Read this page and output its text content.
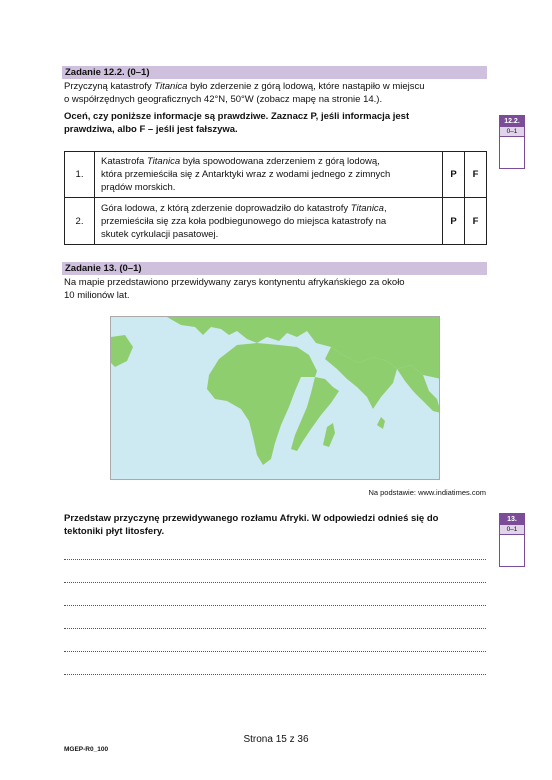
Zadanie 12.2. (0–1)
Przyczyną katastrofy Titanica było zderzenie z górą lodową, które nastąpiło w miejscu
o współrzędnych geograficznych 42°N, 50°W (zobacz mapę na stronie 14.).
Oceń, czy poniższe informacje są prawdziwe. Zaznacz P, jeśli informacja jest
prawdziwa, albo F – jeśli jest fałszywa.
12.2.
0–1
1.	Katastrofa Titanica była spowodowana zderzeniem z górą lodową,
która przemieściła się z Antarktyki wraz z wodami jednego z zimnych
prądów morskich.	P	F
2.	Góra lodowa, z którą zderzenie doprowadziło do katastrofy Titanica,
przemieściła się zza koła podbiegunowego do miejsca katastrofy na
skutek cyrkulacji pasatowej.	P	F
Zadanie 13. (0–1)
Na mapie przedstawiono przewidywany zarys kontynentu afrykańskiego za około
10 milionów lat.
Na podstawie: www.indiatimes.com
Przedstaw przyczynę przewidywanego rozłamu Afryki. W odpowiedzi odnieś się do
tektoniki płyt litosfery.
13.
0–1
Strona 15 z 36
MGEP-R0_100
